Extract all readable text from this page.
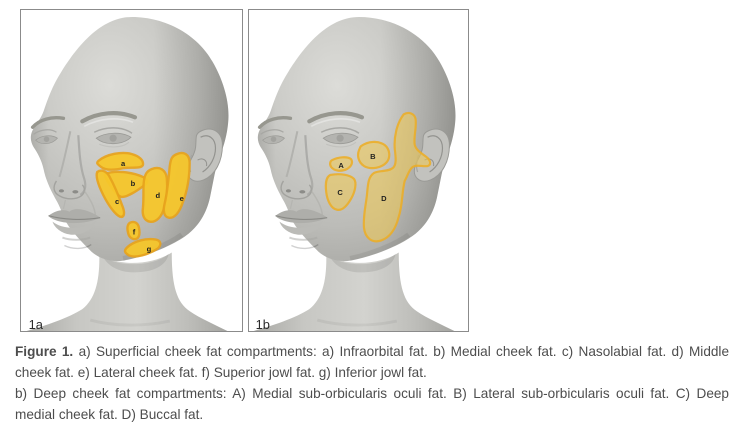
a
b
c
d	e
f
g
1a
A
B
C
D
1b

Figure 1. a) Superficial cheek fat compartments: a) Infraorbital fat. b) Medial cheek fat. c) Nasolabial fat. d) Middle cheek fat. e) Lateral cheek fat. f) Superior jowl fat. g) Inferior jowl fat.
b) Deep cheek fat compartments: A) Medial sub-orbicularis oculi fat. B) Lateral sub-orbicularis oculi fat. C) Deep medial cheek fat. D) Buccal fat.
